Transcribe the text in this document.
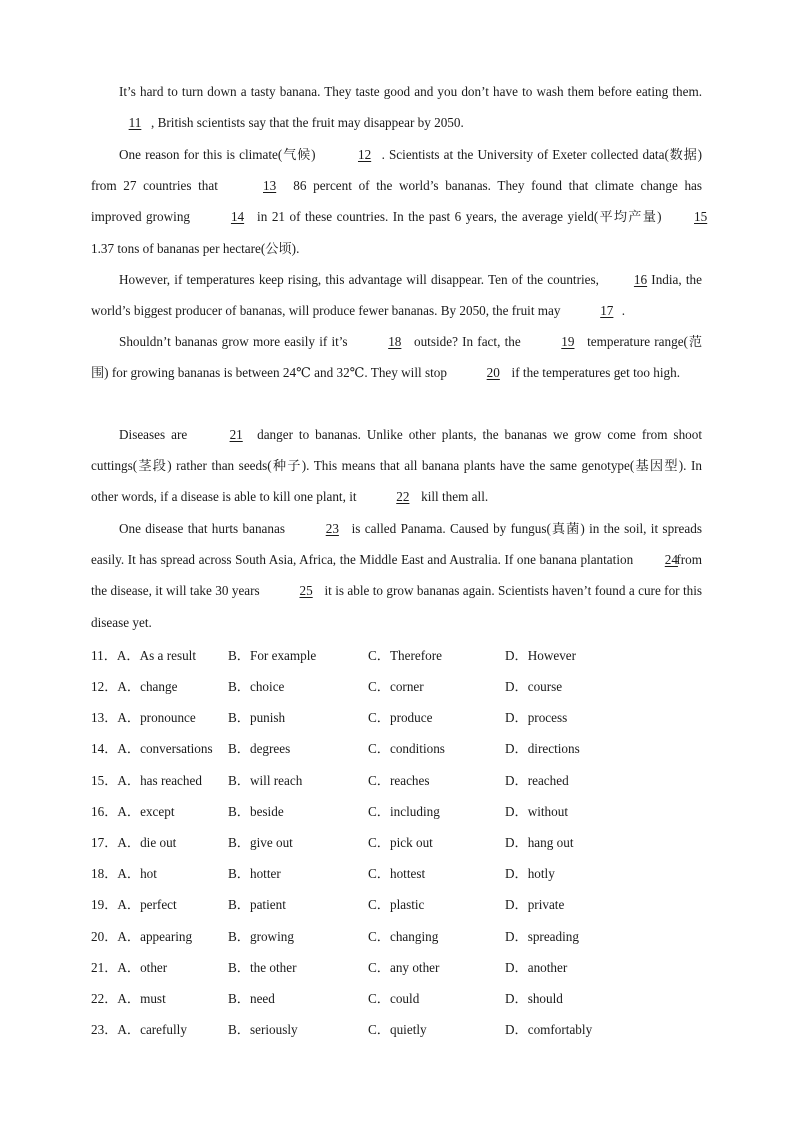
It’s hard to turn down a tasty banana. They taste good and you don’t have to wash them before eating them. 11 , British scientists say that the fruit may disappear by 2050.
One reason for this is climate(气候)	12 . Scientists at the University of Exeter collected data(数据) from 27 countries that	13 86 percent of the world’s bananas. They found that climate change has improved growing	14 in 21 of these countries. In the past 6 years, the average yield(平均产量) 15 1.37 tons of bananas per hectare(公顷).
However, if temperatures keep rising, this advantage will disappear. Ten of the countries,	16 India, the world’s biggest producer of bananas, will produce fewer bananas. By 2050, the fruit may	17 .
Shouldn’t bananas grow more easily if it’s	18 outside? In fact, the	19 temperature range(范围) for growing bananas is between 24℃ and 32℃. They will stop	20 if the temperatures get too high.
Diseases are	21 danger to bananas. Unlike other plants, the bananas we grow come from shoot cuttings(茎段) rather than seeds(种子). This means that all banana plants have the same genotype(基因型). In other words, if a disease is able to kill one plant, it	22 kill them all.
One disease that hurts bananas	23 is called Panama. Caused by fungus(真菌) in the soil, it spreads easily. It has spread across South Asia, Africa, the Middle East and Australia. If one banana plantation 24 from the disease, it will take 30 years	25 it is able to grow bananas again. Scientists haven’t found a cure for this disease yet.
11．A．As a result B．For example	C．Therefore	D．However
12．A．change	B．choice	C．corner	D．course
13．A．pronounce B．punish	C．produce	D．process
14．A．conversations B．degrees	C．conditions	D．directions
15．A．has reached B．will reach	C．reaches	D．reached
16．A．except	B．beside	C．including	D．without
17．A．die out	B．give out	C．pick out	D．hang out
18．A．hot	B．hotter	C．hottest	D．hotly
19．A．perfect	B．patient	C．plastic	D．private
20．A．appearing	B．growing	C．changing	D．spreading
21．A．other	B．the other	C．any other	D．another
22．A．must	B．need	C．could	D．should
23．A．carefully	B．seriously	C．quietly	D．comfortably
